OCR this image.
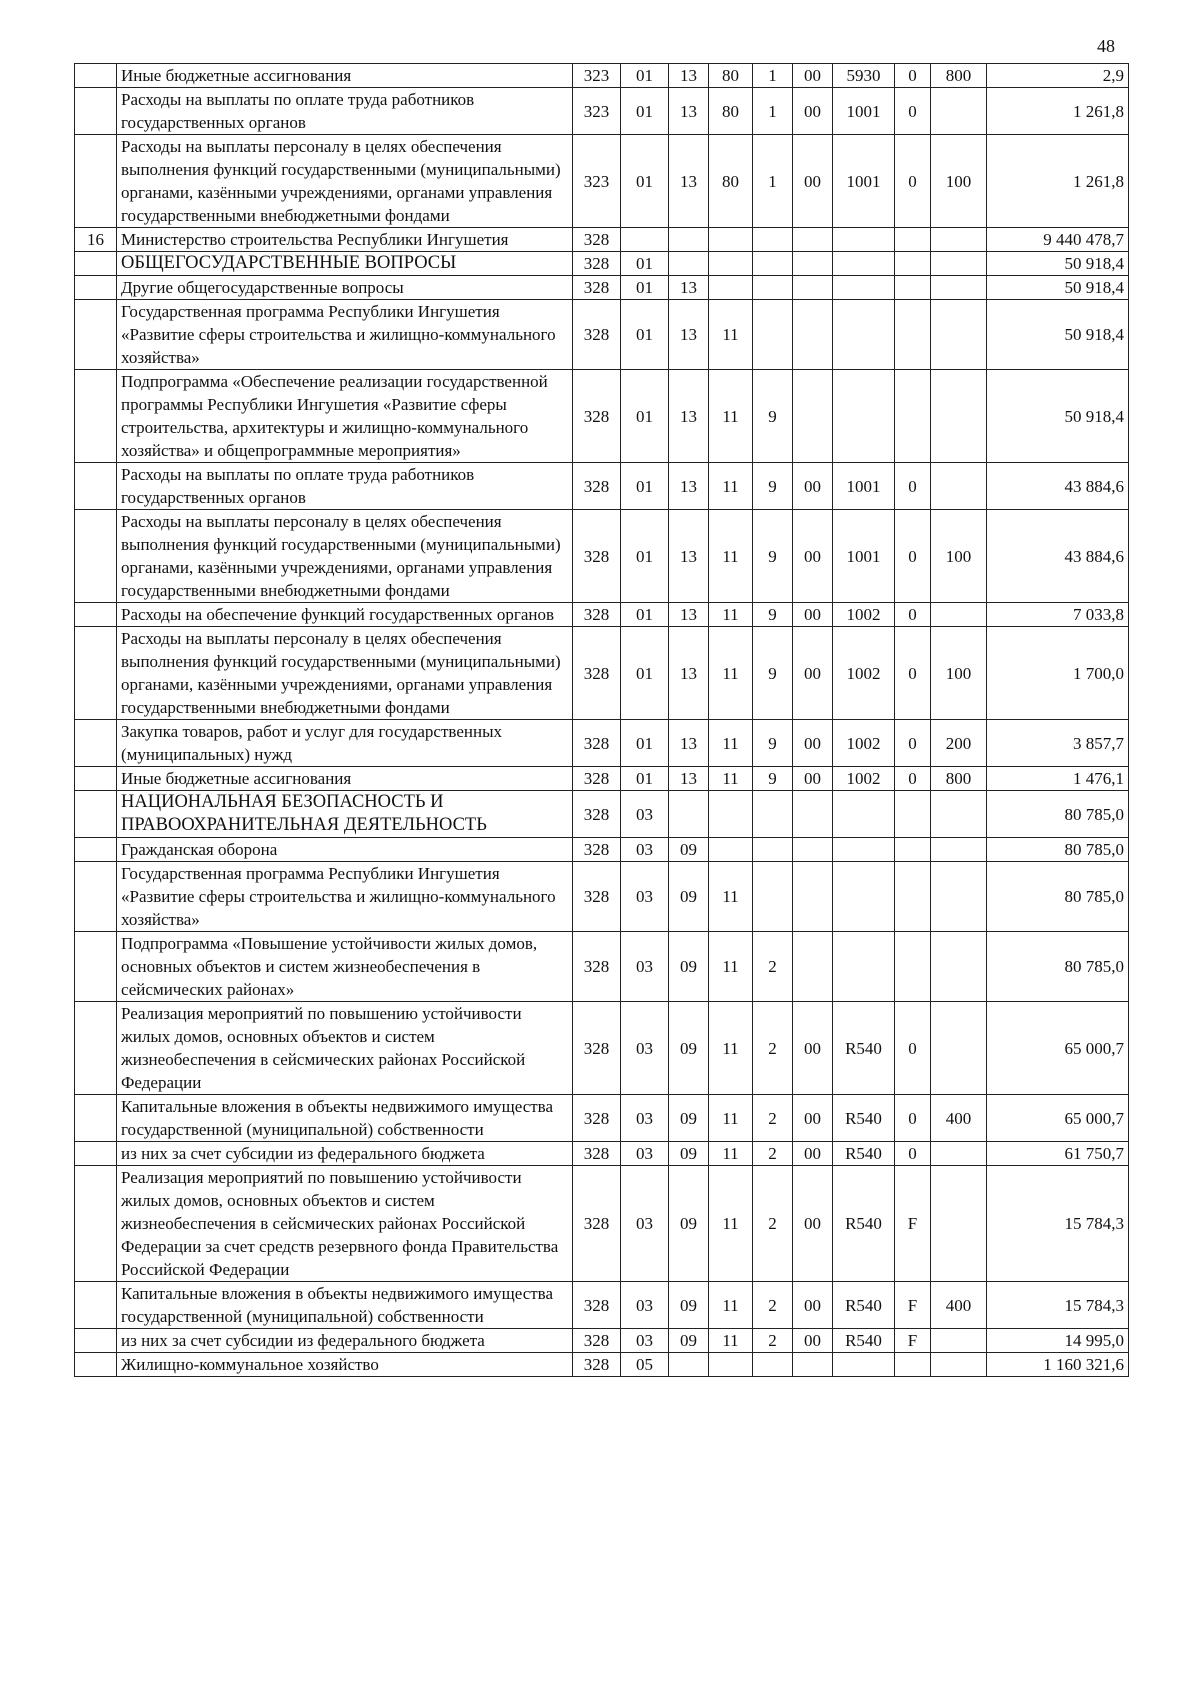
48
	Иные бюджетные ассигнования	323	01	13	80	1	00	5930	0	800	2,9
	Расходы на выплаты по оплате труда работников государственных органов	323	01	13	80	1	00	1001	0		1 261,8
	Расходы на выплаты персоналу в целях обеспечения выполнения функций государственными (муниципальными) органами, казёнными учреждениями, органами управления государственными внебюджетными фондами	323	01	13	80	1	00	1001	0	100	1 261,8
16	Министерство строительства Республики Ингушетия	328									9 440 478,7
	ОБЩЕГОСУДАРСТВЕННЫЕ ВОПРОСЫ	328	01								50 918,4
	Другие общегосударственные вопросы	328	01	13							50 918,4
	Государственная программа Республики Ингушетия «Развитие сферы строительства и жилищно-коммунального хозяйства»	328	01	13	11						50 918,4
	Подпрограмма «Обеспечение реализации государственной программы Республики Ингушетия «Развитие сферы строительства, архитектуры и жилищно-коммунального хозяйства» и общепрограммные мероприятия»	328	01	13	11	9					50 918,4
	Расходы на выплаты по оплате труда работников государственных органов	328	01	13	11	9	00	1001	0		43 884,6
	Расходы на выплаты персоналу в целях обеспечения выполнения функций государственными (муниципальными) органами, казёнными учреждениями, органами управления государственными внебюджетными фондами	328	01	13	11	9	00	1001	0	100	43 884,6
	Расходы на обеспечение функций государственных органов	328	01	13	11	9	00	1002	0		7 033,8
	Расходы на выплаты персоналу в целях обеспечения выполнения функций государственными (муниципальными) органами, казёнными учреждениями, органами управления государственными внебюджетными фондами	328	01	13	11	9	00	1002	0	100	1 700,0
	Закупка товаров, работ и услуг для государственных (муниципальных) нужд	328	01	13	11	9	00	1002	0	200	3 857,7
	Иные бюджетные ассигнования	328	01	13	11	9	00	1002	0	800	1 476,1
	НАЦИОНАЛЬНАЯ БЕЗОПАСНОСТЬ И ПРАВООХРАНИТЕЛЬНАЯ ДЕЯТЕЛЬНОСТЬ	328	03								80 785,0
	Гражданская оборона	328	03	09							80 785,0
	Государственная программа Республики Ингушетия «Развитие сферы строительства и жилищно-коммунального хозяйства»	328	03	09	11						80 785,0
	Подпрограмма «Повышение устойчивости жилых домов, основных объектов и систем жизнеобеспечения в сейсмических районах»	328	03	09	11	2					80 785,0
	Реализация мероприятий по повышению устойчивости жилых домов, основных объектов и систем жизнеобеспечения в сейсмических районах Российской Федерации	328	03	09	11	2	00	R540	0		65 000,7
	Капитальные вложения в объекты недвижимого имущества государственной (муниципальной) собственности	328	03	09	11	2	00	R540	0	400	65 000,7
	из них за счет субсидии из федерального бюджета	328	03	09	11	2	00	R540	0		61 750,7
	Реализация мероприятий по повышению устойчивости жилых домов, основных объектов и систем жизнеобеспечения в сейсмических районах Российской Федерации за счет средств резервного фонда Правительства Российской Федерации	328	03	09	11	2	00	R540	F		15 784,3
	Капитальные вложения в объекты недвижимого имущества государственной (муниципальной) собственности	328	03	09	11	2	00	R540	F	400	15 784,3
	из них за счет субсидии из федерального бюджета	328	03	09	11	2	00	R540	F		14 995,0
	Жилищно-коммунальное хозяйство	328	05								1 160 321,6
